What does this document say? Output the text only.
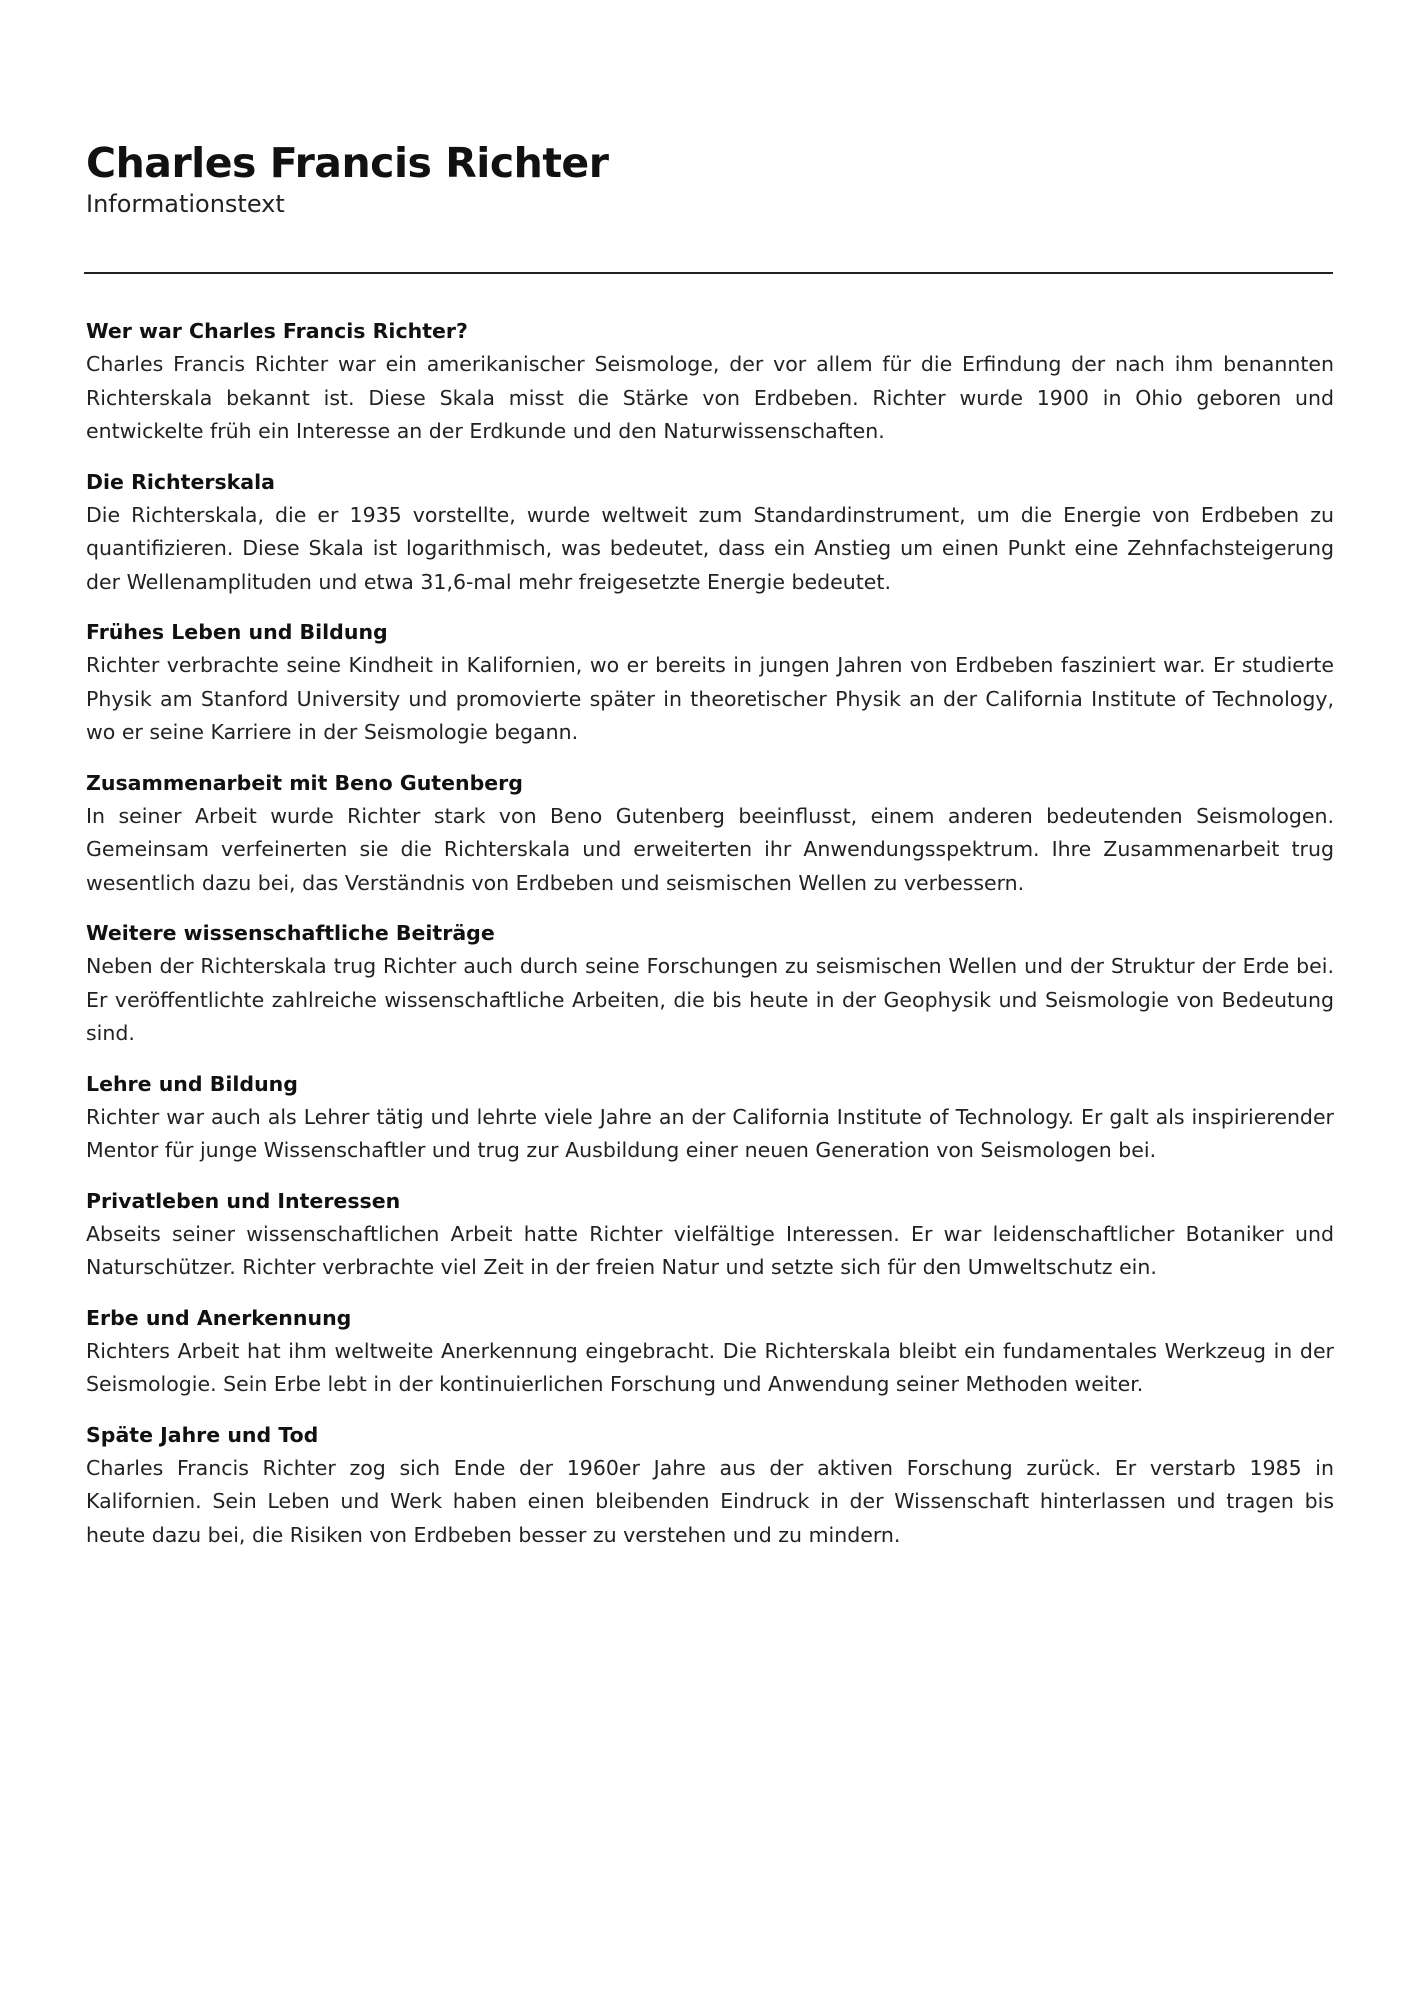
Charles Francis Richter

Informationstext

Wer war Charles Francis Richter?

Charles Francis Richter war ein amerikanischer Seismologe, der vor allem für die Erfindung der nach ihm benannten Richterskala bekannt ist. Diese Skala misst die Stärke von Erdbeben. Richter wurde 1900 in Ohio geboren und entwickelte früh ein Interesse an der Erdkunde und den Naturwissenschaften.

Die Richterskala

Die Richterskala, die er 1935 vorstellte, wurde weltweit zum Standardinstrument, um die Energie von Erdbeben zu quantifizieren. Diese Skala ist logarithmisch, was bedeutet, dass ein Anstieg um einen Punkt eine Zehnfachsteigerung der Wellenamplituden und etwa 31,6-mal mehr freigesetzte Energie bedeutet.

Frühes Leben und Bildung

Richter verbrachte seine Kindheit in Kalifornien, wo er bereits in jungen Jahren von Erdbeben fasziniert war. Er studierte Physik am Stanford University und promovierte später in theoretischer Physik an der California Institute of Technology, wo er seine Karriere in der Seismologie begann.

Zusammenarbeit mit Beno Gutenberg

In seiner Arbeit wurde Richter stark von Beno Gutenberg beeinflusst, einem anderen bedeutenden Seismologen. Gemeinsam verfeinerten sie die Richterskala und erweiterten ihr Anwendungsspektrum. Ihre Zusammenarbeit trug wesentlich dazu bei, das Verständnis von Erdbeben und seismischen Wellen zu verbessern.

Weitere wissenschaftliche Beiträge

Neben der Richterskala trug Richter auch durch seine Forschungen zu seismischen Wellen und der Struktur der Erde bei. Er veröffentlichte zahlreiche wissenschaftliche Arbeiten, die bis heute in der Geophysik und Seismologie von Bedeutung sind.

Lehre und Bildung

Richter war auch als Lehrer tätig und lehrte viele Jahre an der California Institute of Technology. Er galt als inspirierender Mentor für junge Wissenschaftler und trug zur Ausbildung einer neuen Generation von Seismologen bei.

Privatleben und Interessen

Abseits seiner wissenschaftlichen Arbeit hatte Richter vielfältige Interessen. Er war leidenschaftlicher Botaniker und Naturschützer. Richter verbrachte viel Zeit in der freien Natur und setzte sich für den Umweltschutz ein.

Erbe und Anerkennung

Richters Arbeit hat ihm weltweite Anerkennung eingebracht. Die Richterskala bleibt ein fundamentales Werkzeug in der Seismologie. Sein Erbe lebt in der kontinuierlichen Forschung und Anwendung seiner Methoden weiter.

Späte Jahre und Tod

Charles Francis Richter zog sich Ende der 1960er Jahre aus der aktiven Forschung zurück. Er verstarb 1985 in Kalifornien. Sein Leben und Werk haben einen bleibenden Eindruck in der Wissenschaft hinterlassen und tragen bis heute dazu bei, die Risiken von Erdbeben besser zu verstehen und zu mindern.
